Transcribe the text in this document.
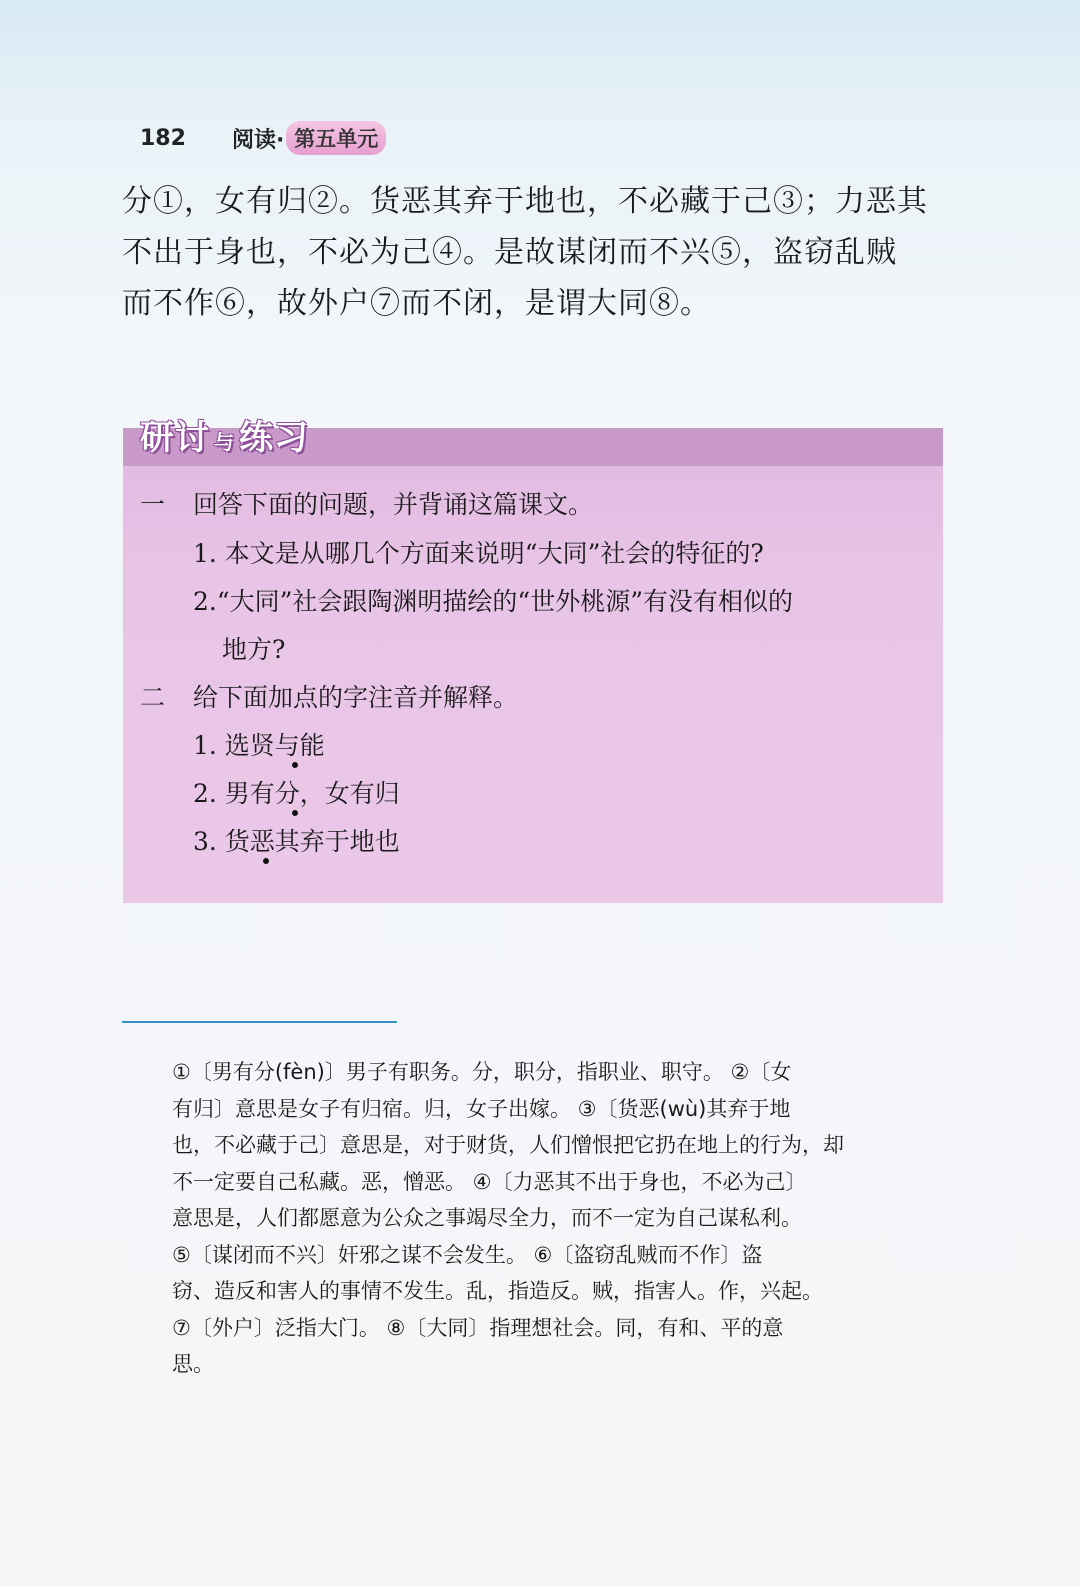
182 阅读· 第五单元

分①，女有归②。货恶其弃于地也，不必藏于己③；力恶其

不出于身也，不必为己④。是故谋闭而不兴⑤，盗窃乱贼

而不作⑥，故外户⑦而不闭，是谓大同⑧。

研讨 与 练习
一 回答下面的问题，并背诵这篇课文。
1. 本文是从哪几个方面来说明“大同”社会的特征的?
2.“大同”社会跟陶渊明描绘的“世外桃源”有没有相似的
地方?
二 给下面加点的字注音并解释。
1. 选贤与能
2. 男有分，女有归
3. 货恶其弃于地也

①〔男有分(fèn)〕男子有职务。分，职分，指职业、职守。 ②〔女

有归〕意思是女子有归宿。归，女子出嫁。 ③〔货恶(wù)其弃于地

也，不必藏于己〕意思是，对于财货，人们憎恨把它扔在地上的行为，却

不一定要自己私藏。恶，憎恶。 ④〔力恶其不出于身也，不必为己〕

意思是，人们都愿意为公众之事竭尽全力，而不一定为自己谋私利。

⑤〔谋闭而不兴〕奸邪之谋不会发生。 ⑥〔盗窃乱贼而不作〕盗

窃、造反和害人的事情不发生。乱，指造反。贼，指害人。作，兴起。

⑦〔外户〕泛指大门。 ⑧〔大同〕指理想社会。同，有和、平的意

思。
